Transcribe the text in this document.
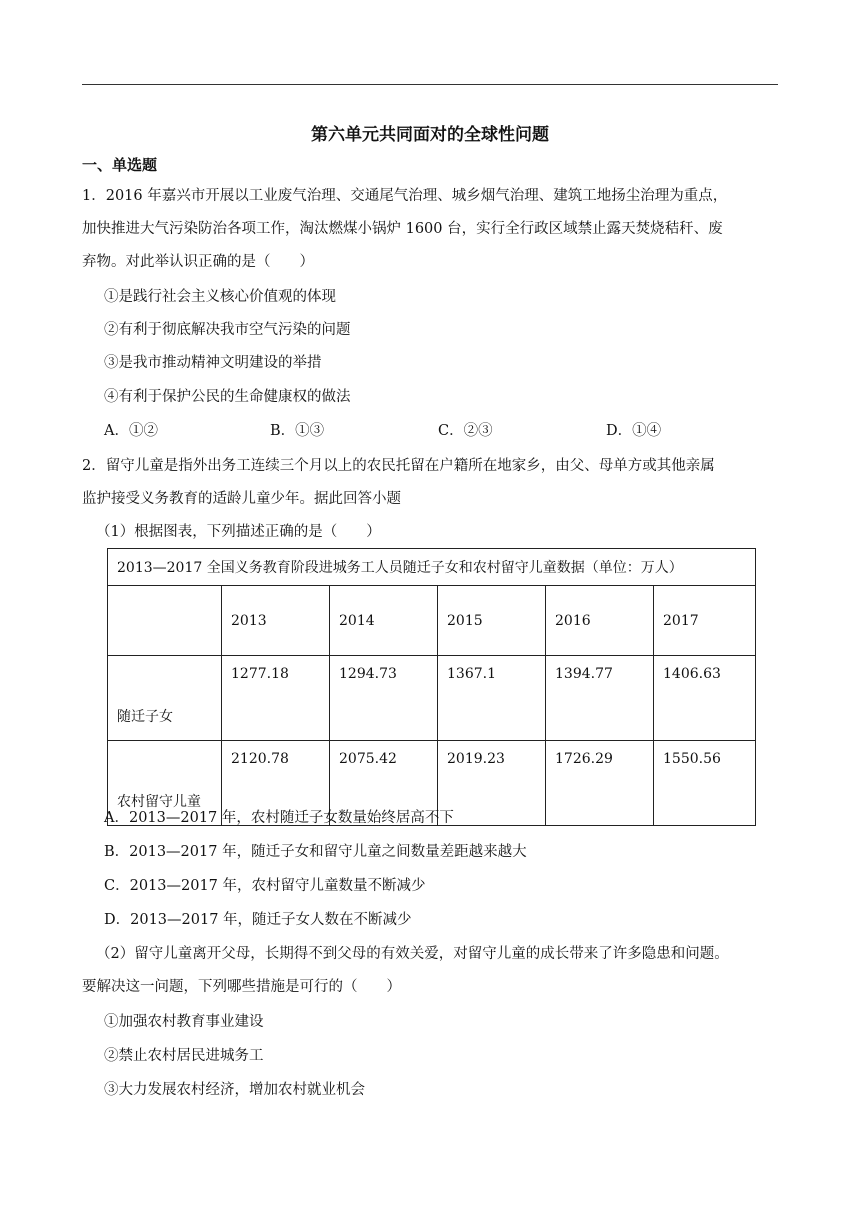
第六单元共同面对的全球性问题
一、单选题
1．2016 年嘉兴市开展以工业废气治理、交通尾气治理、城乡烟气治理、建筑工地扬尘治理为重点，
加快推进大气污染防治各项工作，淘汰燃煤小锅炉 1600 台，实行全行政区域禁止露天焚烧秸秆、废
弃物。对此举认识正确的是（　　）
①是践行社会主义核心价值观的体现
②有利于彻底解决我市空气污染的问题
③是我市推动精神文明建设的举措
④有利于保护公民的生命健康权的做法
A．①②	B．①③	C．②③	D．①④
2．留守儿童是指外出务工连续三个月以上的农民托留在户籍所在地家乡，由父、母单方或其他亲属
监护接受义务教育的适龄儿童少年。据此回答小题
（1）根据图表，下列描述正确的是（　　）
2013—2017 全国义务教育阶段进城务工人员随迁子女和农村留守儿童数据（单位：万人）					
	2013	2014	2015	2016	2017
随迁子女	1277.18	1294.73	1367.1	1394.77	1406.63
农村留守儿童	2120.78	2075.42	2019.23	1726.29	1550.56
A．2013—2017 年，农村随迁子女数量始终居高不下
B．2013—2017 年，随迁子女和留守儿童之间数量差距越来越大
C．2013—2017 年，农村留守儿童数量不断减少
D．2013—2017 年，随迁子女人数在不断减少
（2）留守儿童离开父母，长期得不到父母的有效关爱，对留守儿童的成长带来了许多隐患和问题。
要解决这一问题，下列哪些措施是可行的（　　）
①加强农村教育事业建设
②禁止农村居民进城务工
③大力发展农村经济，增加农村就业机会
